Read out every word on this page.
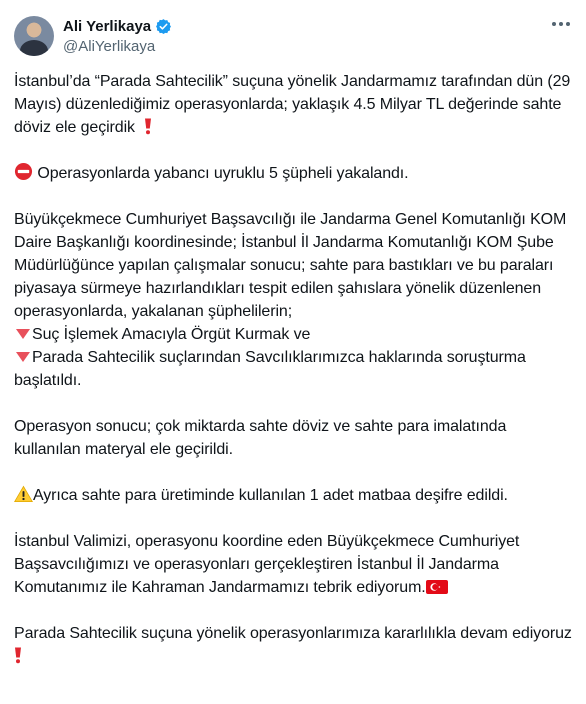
Ali Yerlikaya
@AliYerlikaya

İstanbul’da “Parada Sahtecilik” suçuna yönelik Jandarmamız tarafından dün (29 Mayıs) düzenlediğimiz operasyonlarda; yaklaşık 4.5 Milyar TL değerinde sahte döviz ele geçirdik

Operasyonlarda yabancı uyruklu 5 şüpheli yakalandı.

Büyükçekmece Cumhuriyet Başsavcılığı ile Jandarma Genel Komutanlığı KOM Daire Başkanlığı koordinesinde; İstanbul İl Jandarma Komutanlığı KOM Şube Müdürlüğünce yapılan çalışmalar sonucu; sahte para bastıkları ve bu paraları piyasaya sürmeye hazırlandıkları tespit edilen şahıslara yönelik düzenlenen operasyonlarda, yakalanan şüphelilerin;
Suç İşlemek Amacıyla Örgüt Kurmak ve
Parada Sahtecilik suçlarından Savcılıklarımızca haklarında soruşturma başlatıldı.

Operasyon sonucu; çok miktarda sahte döviz ve sahte para imalatında kullanılan materyal ele geçirildi.

Ayrıca sahte para üretiminde kullanılan 1 adet matbaa deşifre edildi.

İstanbul Valimizi, operasyonu koordine eden Büyükçekmece Cumhuriyet Başsavcılığımızı ve operasyonları gerçekleştiren İstanbul İl Jandarma Komutanımız ile Kahraman Jandarmamızı tebrik ediyorum.

Parada Sahtecilik suçuna yönelik operasyonlarımıza kararlılıkla devam ediyoruz
